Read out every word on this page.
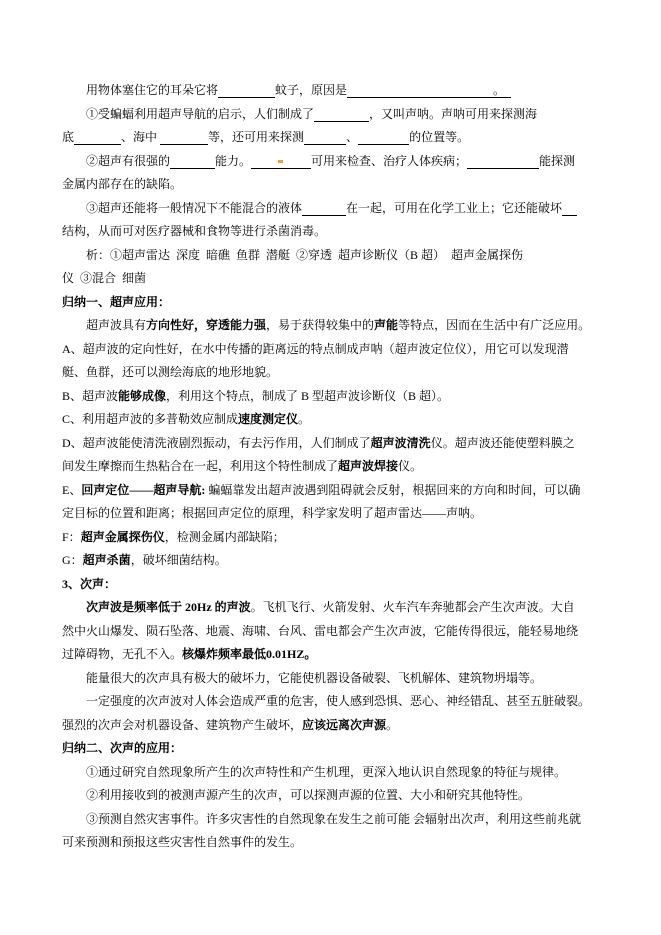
用物体塞住它的耳朵它将	蚊子，原因是	。
①受蝙蝠利用超声导航的启示，人们制成了	，又叫声呐。声呐可用来探测海
底	、海中	等，还可用来探测	、	的位置等。
②超声有很强的	能力。	可用来检查、治疗人体疾病；	能探测
金属内部存在的缺陷。
③超声还能将一般情况下不能混合的液体	在一起，可用在化学工业上；它还能破坏
结构，从而可对医疗器械和食物等进行杀菌消毒。
析：①超声雷达  深度  暗礁  鱼群  潜艇  ②穿透  超声诊断仪（B 超）  超声金属探伤
仪  ③混合  细菌
归纳一、超声应用：
超声波具有方向性好，穿透能力强，易于获得较集中的声能等特点，因而在生活中有广泛应用。
A、超声波的定向性好，在水中传播的距离远的特点制成声呐（超声波定位仪），用它可以发现潜
艇、鱼群，还可以测绘海底的地形地貌。
B、超声波能够成像，利用这个特点，制成了 B 型超声波诊断仪（B 超）。
C、利用超声波的多普勒效应制成速度测定仪。
D、超声波能使清洗液剧烈振动，有去污作用，人们制成了超声波清洗仪。超声波还能使塑料膜之
间发生摩擦而生热粘合在一起，利用这个特性制成了超声波焊接仪。
E、回声定位——超声导航: 蝙蝠靠发出超声波遇到阻碍就会反射，根据回来的方向和时间，可以确
定目标的位置和距离；根据回声定位的原理，科学家发明了超声雷达——声呐。
F：超声金属探伤仪，检测金属内部缺陷；
G：超声杀菌，破坏细菌结构。
3、次声：
次声波是频率低于 20Hz 的声波。飞机飞行、火箭发射、火车汽车奔驰都会产生次声波。大自
然中火山爆发、陨石坠落、地震、海啸、台风、雷电都会产生次声波，它能传得很远，能轻易地绕
过障碍物，无孔不入。核爆炸频率最低0.01HZ。
能量很大的次声具有极大的破坏力，它能使机器设备破裂、飞机解体、建筑物坍塌等。
一定强度的次声波对人体会造成严重的危害，使人感到恐惧、恶心、神经错乱、甚至五脏破裂。
强烈的次声会对机器设备、建筑物产生破坏，应该远离次声源。
归纳二、次声的应用：
①通过研究自然现象所产生的次声特性和产生机理，更深入地认识自然现象的特征与规律。
②利用接收到的被测声源产生的次声，可以探测声源的位置、大小和研究其他特性。
③预测自然灾害事件。许多灾害性的自然现象在发生之前可能 会辐射出次声，利用这些前兆就
可来预测和预报这些灾害性自然事件的发生。
